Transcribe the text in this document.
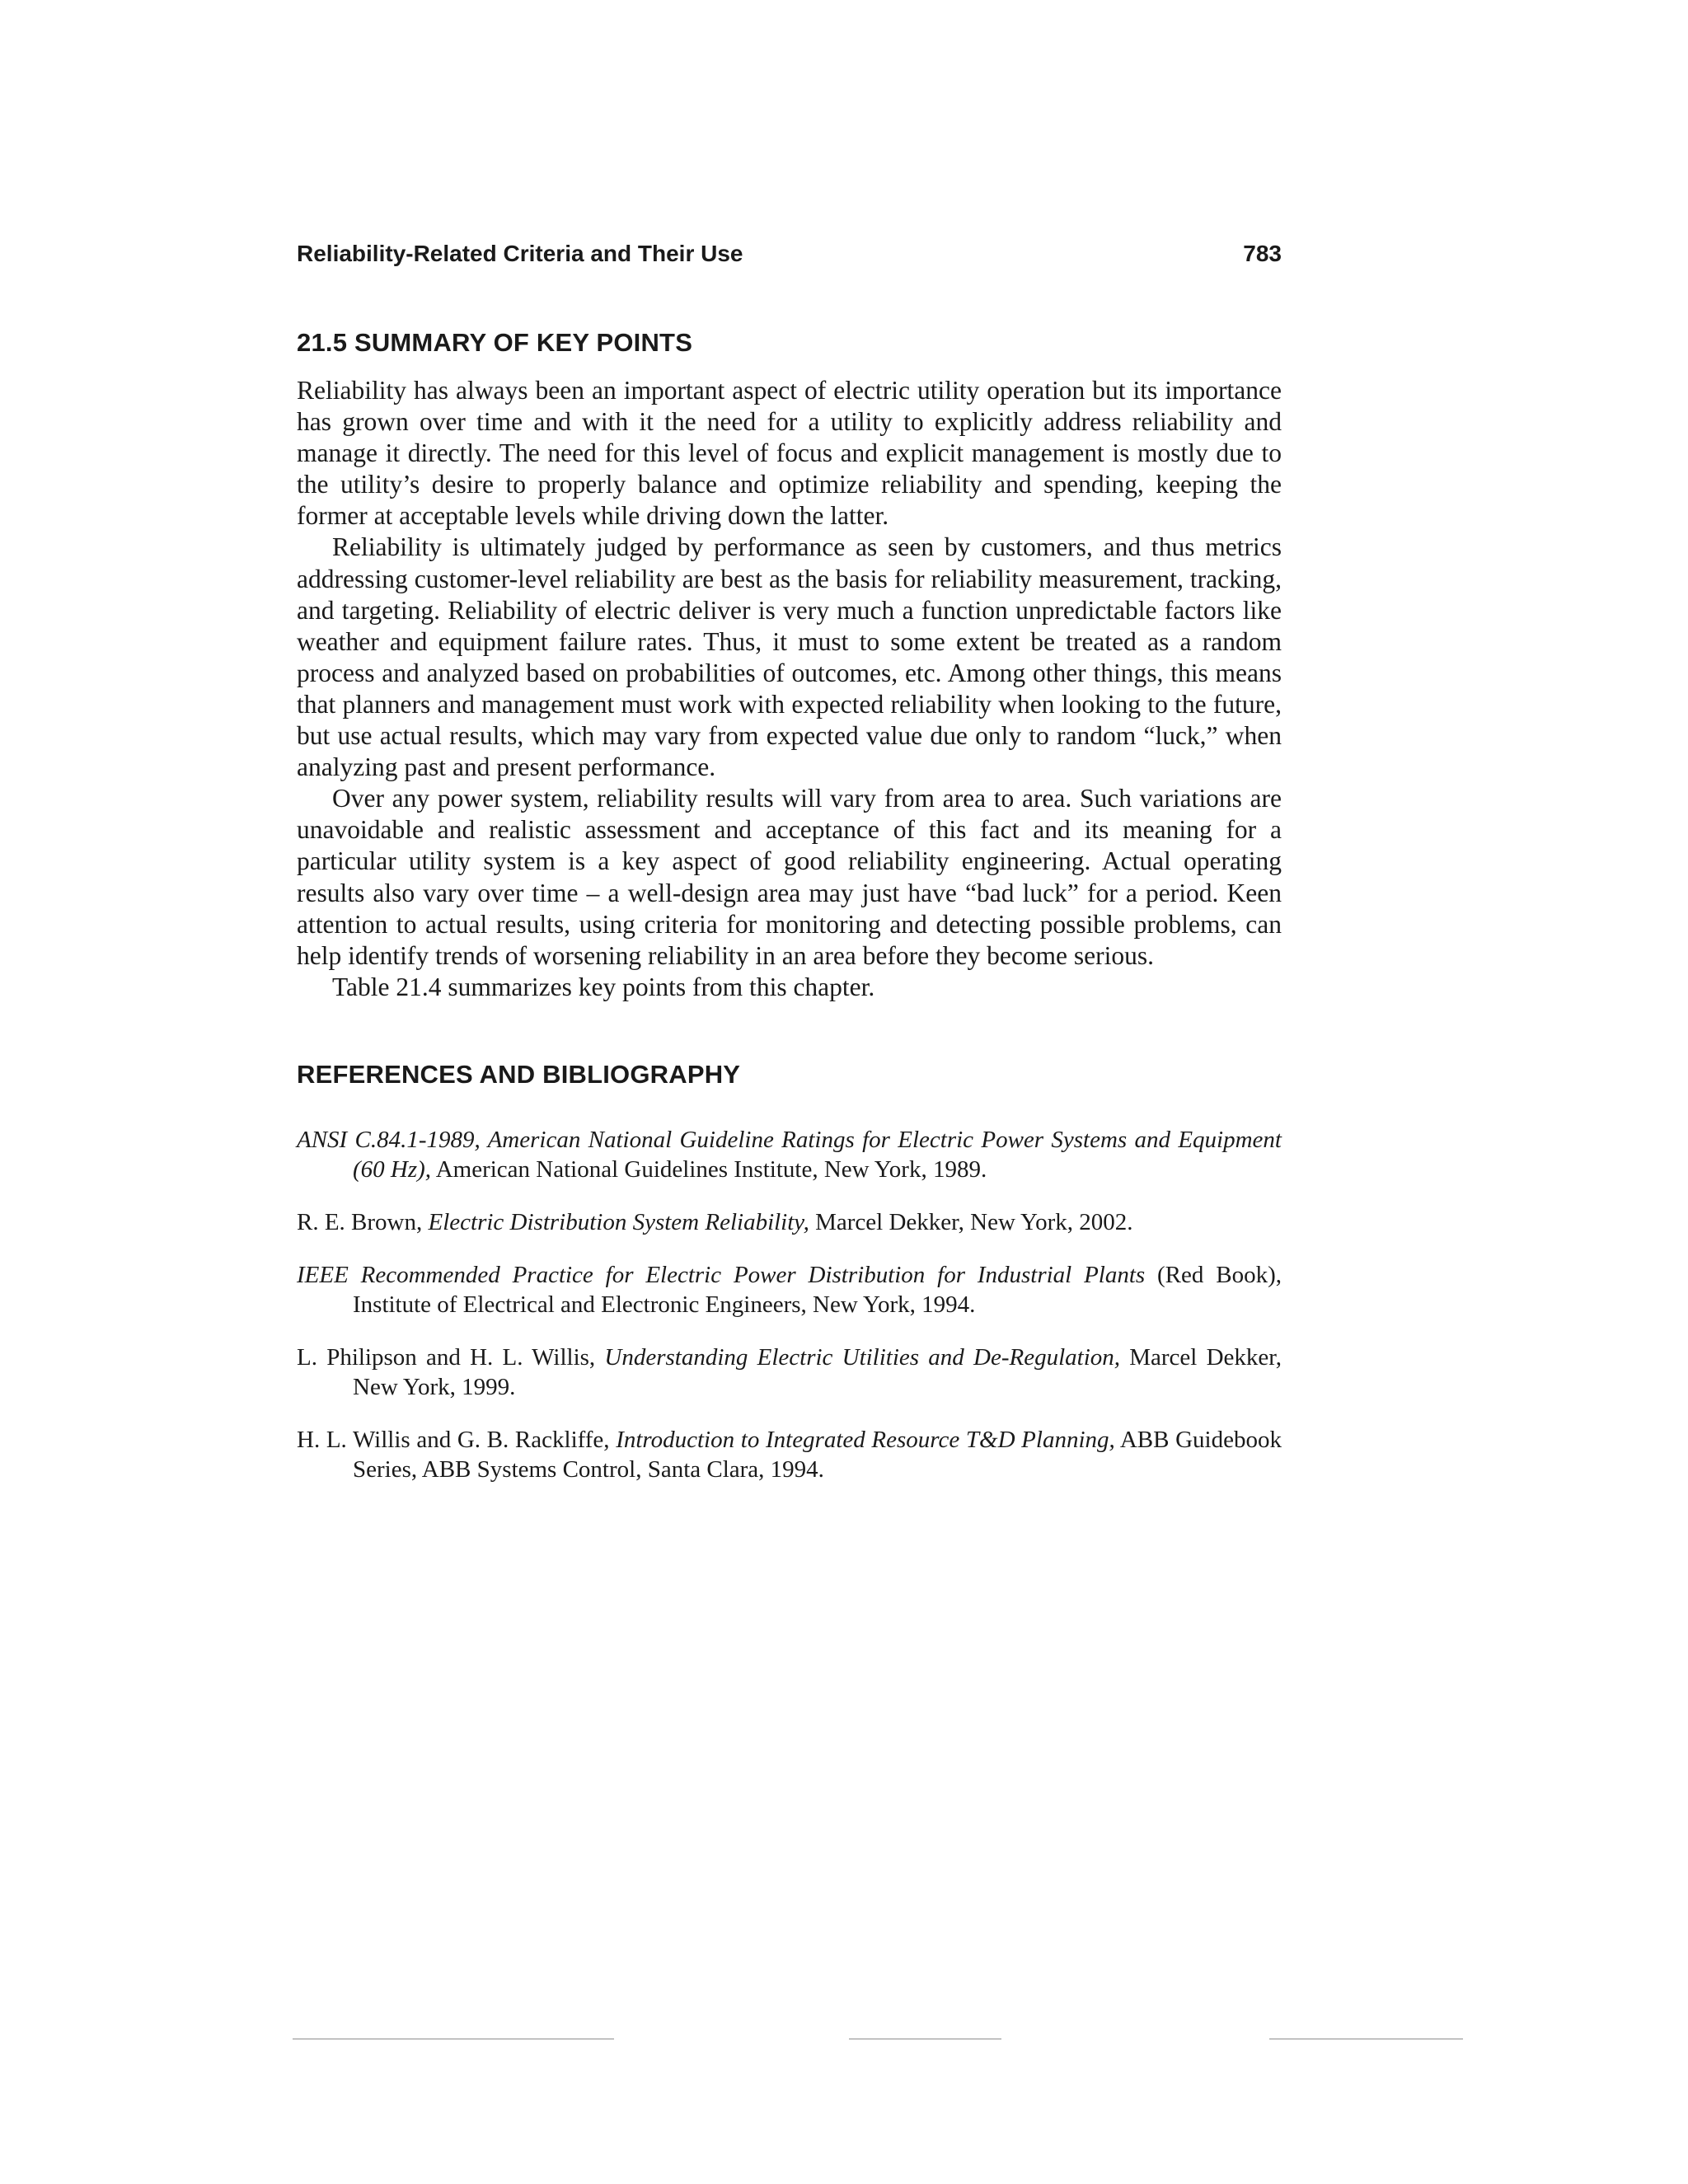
Reliability-Related Criteria and Their Use	783
21.5 SUMMARY OF KEY POINTS

Reliability has always been an important aspect of electric utility operation but its importance has grown over time and with it the need for a utility to explicitly address reliability and manage it directly. The need for this level of focus and explicit management is mostly due to the utility’s desire to properly balance and optimize reliability and spending, keeping the former at acceptable levels while driving down the latter.

Reliability is ultimately judged by performance as seen by customers, and thus metrics addressing customer-level reliability are best as the basis for reliability measurement, tracking, and targeting. Reliability of electric deliver is very much a function unpredictable factors like weather and equipment failure rates. Thus, it must to some extent be treated as a random process and analyzed based on probabilities of outcomes, etc. Among other things, this means that planners and management must work with expected reliability when looking to the future, but use actual results, which may vary from expected value due only to random “luck,” when analyzing past and present performance.

Over any power system, reliability results will vary from area to area. Such variations are unavoidable and realistic assessment and acceptance of this fact and its meaning for a particular utility system is a key aspect of good reliability engineering. Actual operating results also vary over time – a well-design area may just have “bad luck” for a period. Keen attention to actual results, using criteria for monitoring and detecting possible problems, can help identify trends of worsening reliability in an area before they become serious.

Table 21.4 summarizes key points from this chapter.

REFERENCES AND BIBLIOGRAPHY

ANSI C.84.1-1989, American National Guideline Ratings for Electric Power Systems and Equipment (60 Hz), American National Guidelines Institute, New York, 1989.

R. E. Brown, Electric Distribution System Reliability, Marcel Dekker, New York, 2002.

IEEE Recommended Practice for Electric Power Distribution for Industrial Plants (Red Book), Institute of Electrical and Electronic Engineers, New York, 1994.

L. Philipson and H. L. Willis, Understanding Electric Utilities and De-Regulation, Marcel Dekker, New York, 1999.

H. L. Willis and G. B. Rackliffe, Introduction to Integrated Resource T&D Planning, ABB Guidebook Series, ABB Systems Control, Santa Clara, 1994.
